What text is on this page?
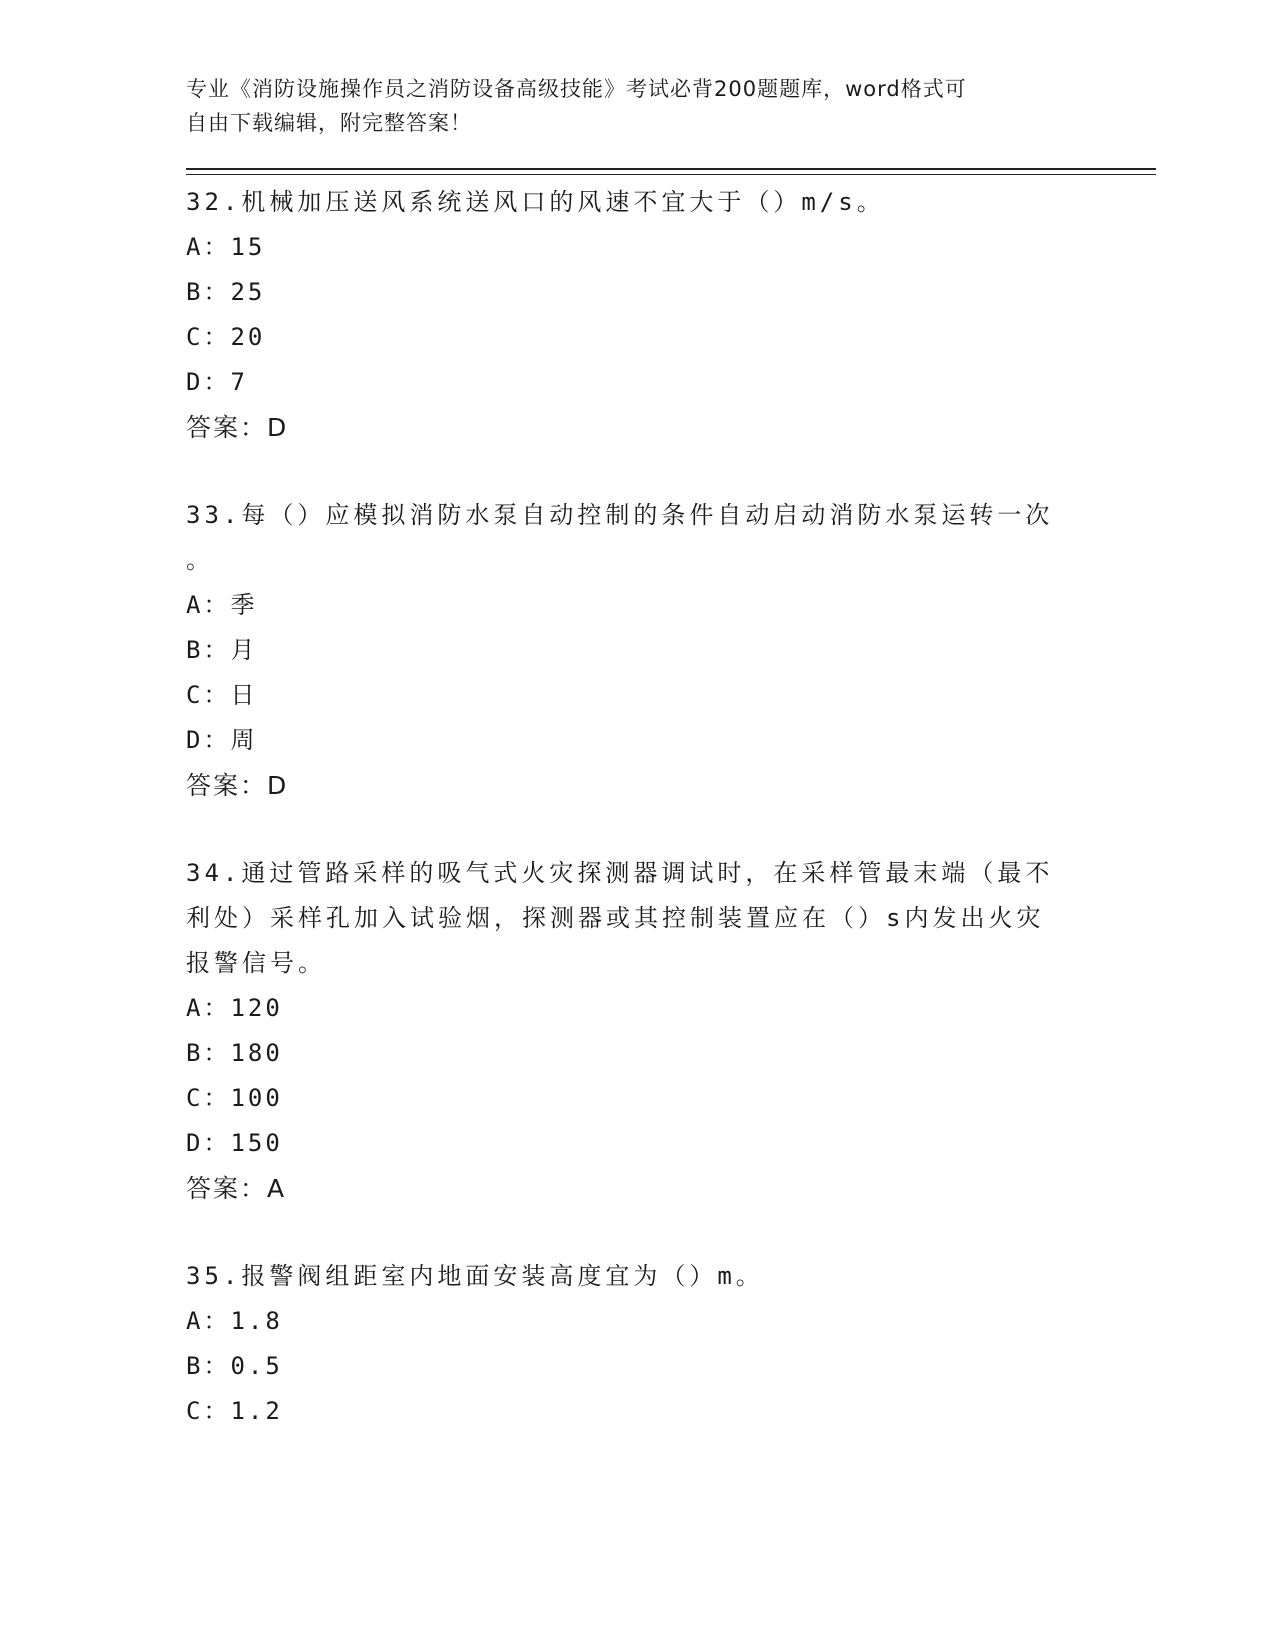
专业《消防设施操作员之消防设备高级技能》考试必背200题题库，word格式可
自由下载编辑，附完整答案！
32.机械加压送风系统送风口的风速不宜大于（）m/s。
A：15
B：25
C：20
D：7
答案：D
33.每（）应模拟消防水泵自动控制的条件自动启动消防水泵运转一次
。
A：季
B：月
C：日
D：周
答案：D
34.通过管路采样的吸气式火灾探测器调试时，在采样管最末端（最不
利处）采样孔加入试验烟，探测器或其控制装置应在（）s内发出火灾
报警信号。
A：120
B：180
C：100
D：150
答案：A
35.报警阀组距室内地面安装高度宜为（）m。
A：1.8
B：0.5
C：1.2
